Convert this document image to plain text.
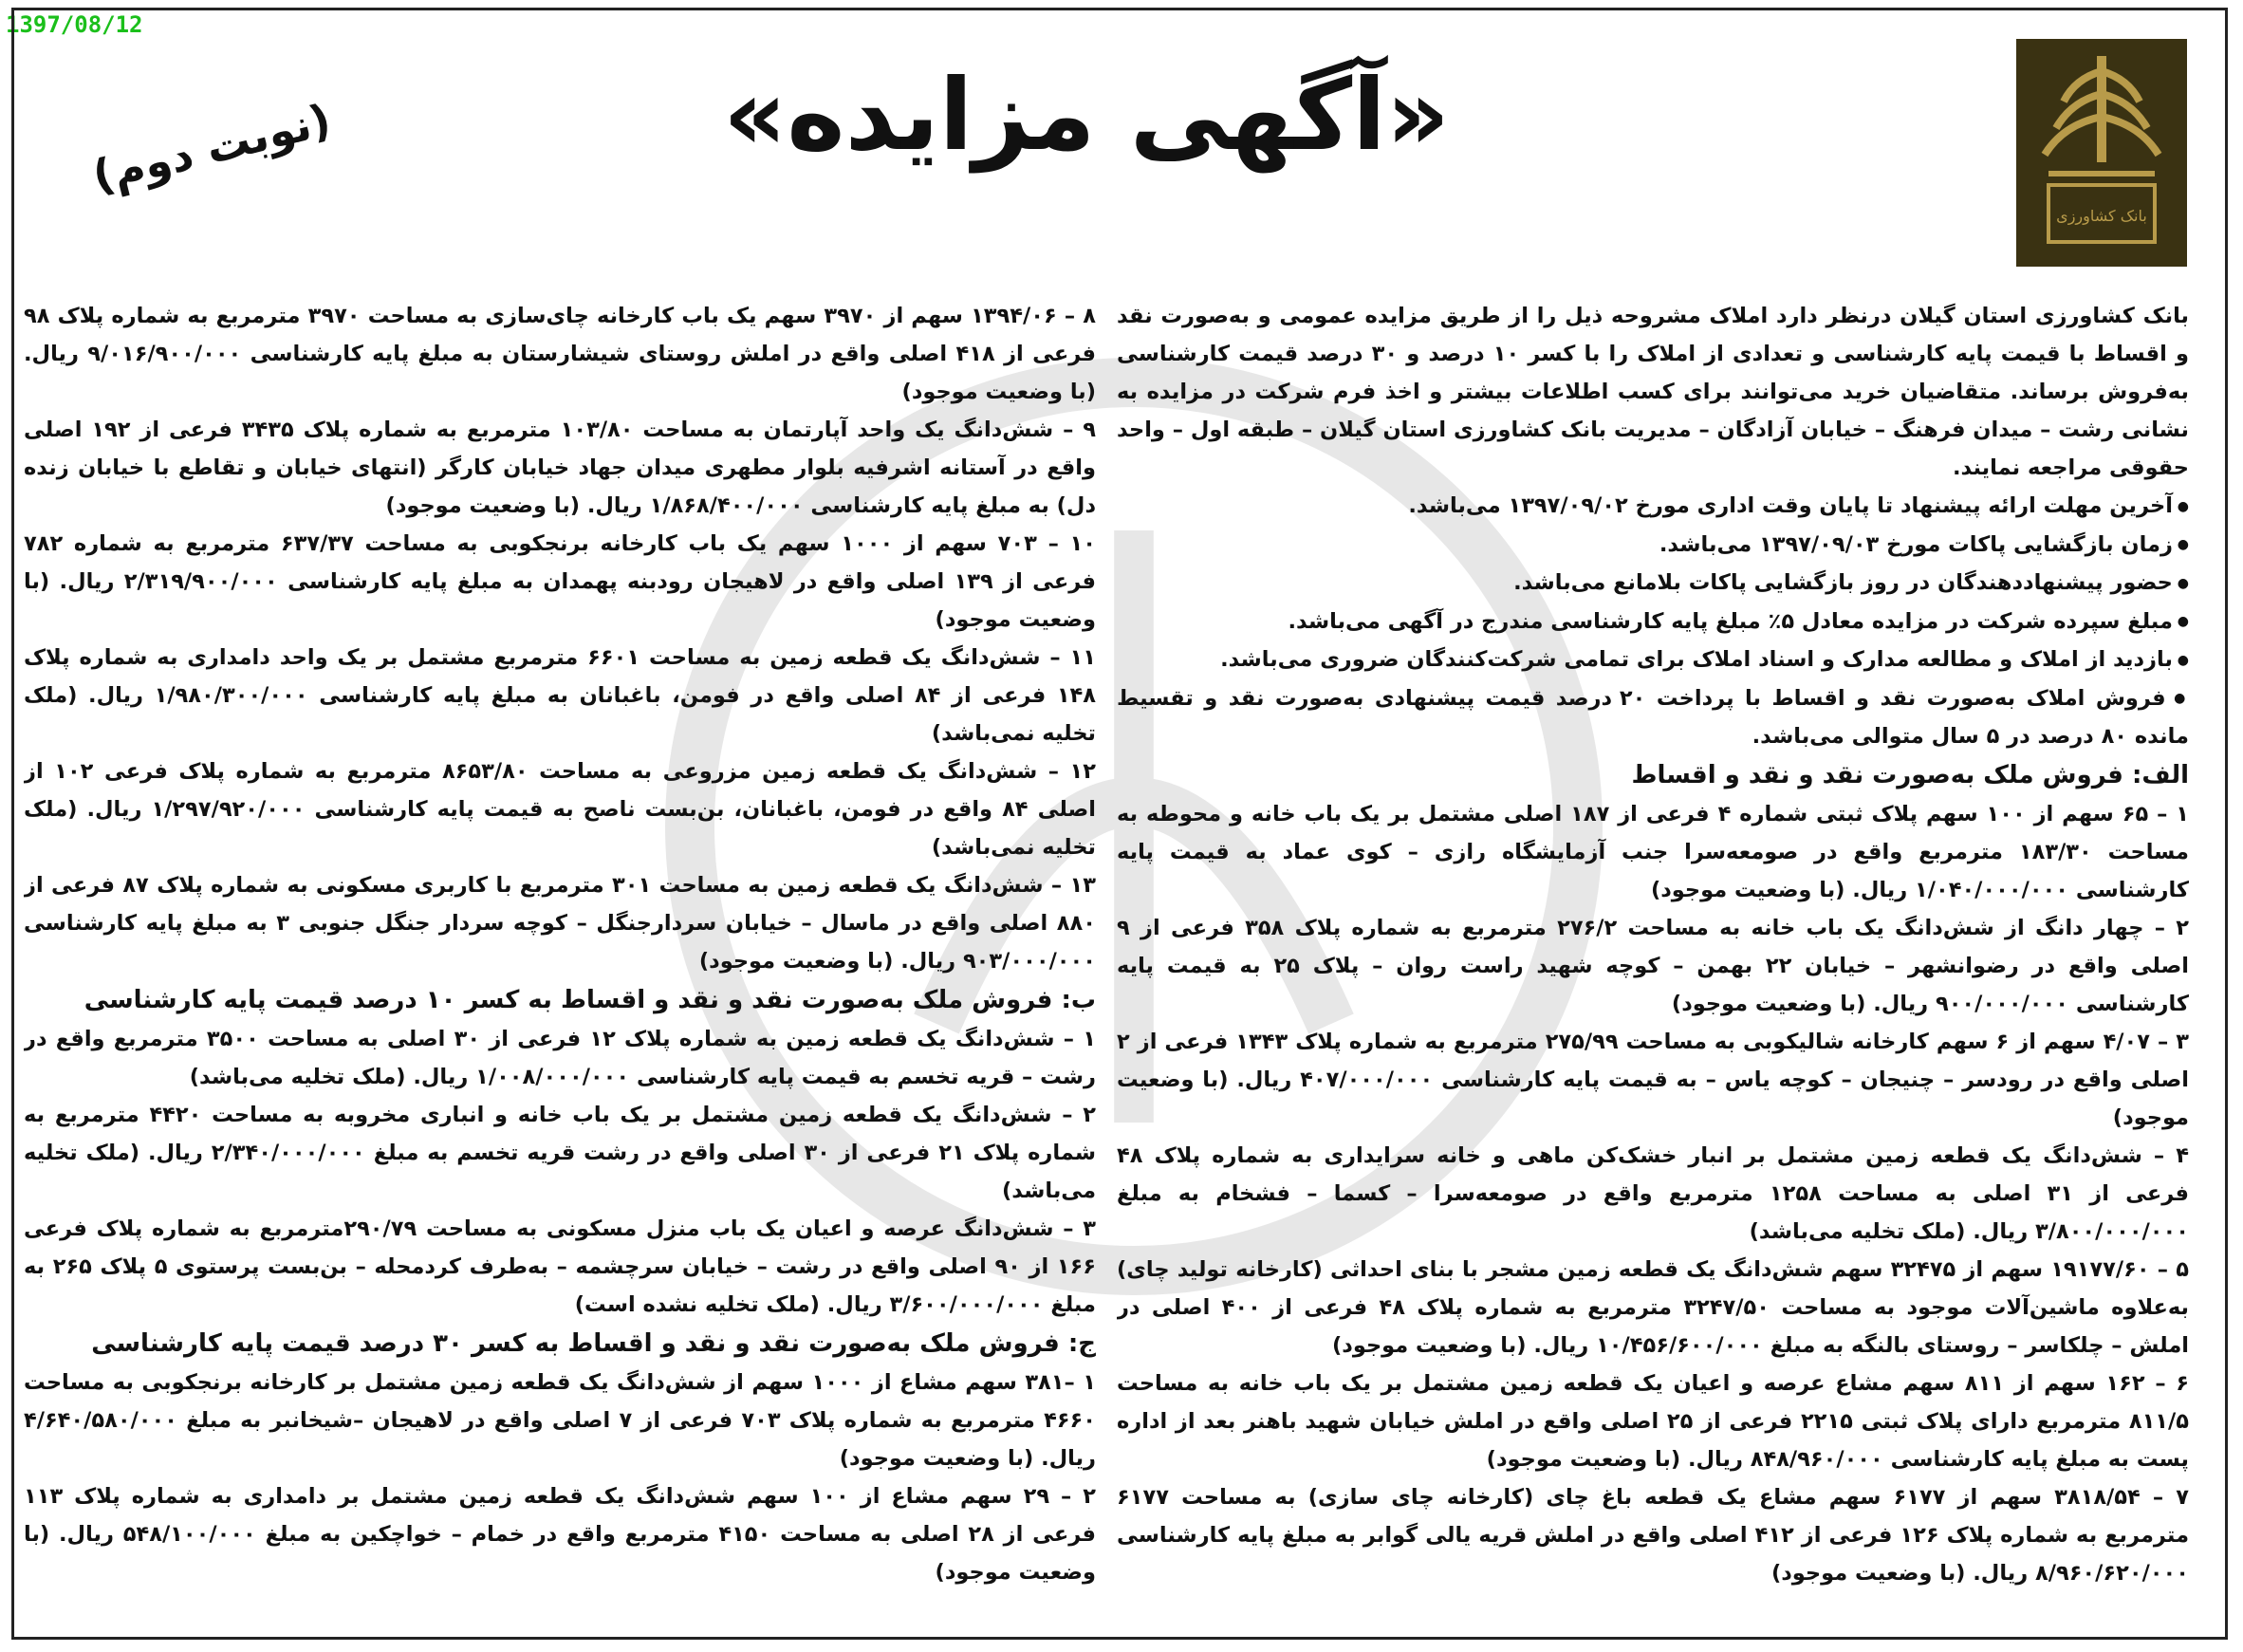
1397/08/12
بانک کشاورزی
«آگهی مزایده»
(نوبت دوم)

بانک کشاورزی استان گیلان درنظر دارد املاک مشروحه ذیل را از طریق مزایده عمومی و به‌صورت نقد و اقساط با قیمت پایه کارشناسی و تعدادی از املاک را با کسر ۱۰ درصد و ۳۰ درصد قیمت کارشناسی به‌فروش برساند. متقاضیان خرید می‌توانند برای کسب اطلاعات بیشتر و اخذ فرم شرکت در مزایده به نشانی رشت – میدان فرهنگ – خیابان آزادگان – مدیریت بانک کشاورزی استان گیلان – طبقه اول – واحد حقوقی مراجعه نمایند.

● آخرین مهلت ارائه پیشنهاد تا پایان وقت اداری مورخ ۱۳۹۷/۰۹/۰۲ می‌باشد.

● زمان بازگشایی پاکات مورخ ۱۳۹۷/۰۹/۰۳ می‌باشد.

● حضور پیشنهاددهندگان در روز بازگشایی پاکات بلامانع می‌باشد.

● مبلغ سپرده شرکت در مزایده معادل ۵٪ مبلغ پایه کارشناسی مندرج در آگهی می‌باشد.

● بازدید از املاک و مطالعه مدارک و اسناد املاک برای تمامی شرکت‌کنندگان ضروری می‌باشد.

● فروش املاک به‌صورت نقد و اقساط با پرداخت ۲۰ درصد قیمت پیشنهادی به‌صورت نقد و تقسیط مانده ۸۰ درصد در ۵ سال متوالی می‌باشد.

الف: فروش ملک به‌صورت نقد و نقد و اقساط

۱ – ۶۵ سهم از ۱۰۰ سهم پلاک ثبتی شماره ۴ فرعی از ۱۸۷ اصلی مشتمل بر یک باب خانه و محوطه به مساحت ۱۸۳/۳۰ مترمربع واقع در صومعه‌سرا جنب آزمایشگاه رازی – کوی عماد به قیمت پایه کارشناسی ۱/۰۴۰/۰۰۰/۰۰۰ ریال. (با وضعیت موجود)

۲ – چهار دانگ از شش‌دانگ یک باب خانه به مساحت ۲۷۶/۲ مترمربع به شماره پلاک ۳۵۸ فرعی از ۹ اصلی واقع در رضوانشهر – خیابان ۲۲ بهمن – کوچه شهید راست روان – پلاک ۲۵ به قیمت پایه کارشناسی ۹۰۰/۰۰۰/۰۰۰ ریال. (با وضعیت موجود)

۳ – ۴/۰۷ سهم از ۶ سهم کارخانه شالیکوبی به مساحت ۲۷۵/۹۹ مترمربع به شماره پلاک ۱۳۴۳ فرعی از ۲ اصلی واقع در رودسر – چنیجان – کوچه یاس – به قیمت پایه کارشناسی ۴۰۷/۰۰۰/۰۰۰ ریال. (با وضعیت موجود)

۴ – شش‌دانگ یک قطعه زمین مشتمل بر انبار خشک‌کن ماهی و خانه سرایداری به شماره پلاک ۴۸ فرعی از ۳۱ اصلی به مساحت ۱۲۵۸ مترمربع واقع در صومعه‌سرا – کسما – فشخام به مبلغ ۳/۸۰۰/۰۰۰/۰۰۰ ریال. (ملک تخلیه می‌باشد)

۵ – ۱۹۱۷۷/۶۰ سهم از ۳۲۴۷۵ سهم شش‌دانگ یک قطعه زمین مشجر با بنای احداثی (کارخانه تولید چای) به‌علاوه ماشین‌آلات موجود به مساحت ۳۲۴۷/۵۰ مترمربع به شماره پلاک ۴۸ فرعی از ۴۰۰ اصلی در املش – چلکاسر – روستای بالنگه به مبلغ ۱۰/۴۵۶/۶۰۰/۰۰۰ ریال. (با وضعیت موجود)

۶ – ۱۶۲ سهم از ۸۱۱ سهم مشاع عرصه و اعیان یک قطعه زمین مشتمل بر یک باب خانه به مساحت ۸۱۱/۵ مترمربع دارای پلاک ثبتی ۲۲۱۵ فرعی از ۲۵ اصلی واقع در املش خیابان شهید باهنر بعد از اداره پست به مبلغ پایه کارشناسی ۸۴۸/۹۶۰/۰۰۰ ریال. (با وضعیت موجود)

۷ – ۳۸۱۸/۵۴ سهم از ۶۱۷۷ سهم مشاع یک قطعه باغ چای (کارخانه چای سازی) به مساحت ۶۱۷۷ مترمربع به شماره پلاک ۱۲۶ فرعی از ۴۱۲ اصلی واقع در املش قریه یالی گوابر به مبلغ پایه کارشناسی ۸/۹۶۰/۶۲۰/۰۰۰ ریال. (با وضعیت موجود)

۸ – ۱۳۹۴/۰۶ سهم از ۳۹۷۰ سهم یک باب کارخانه چای‌سازی به مساحت ۳۹۷۰ مترمربع به شماره پلاک ۹۸ فرعی از ۴۱۸ اصلی واقع در املش روستای شیشارستان به مبلغ پایه کارشناسی ۹/۰۱۶/۹۰۰/۰۰۰ ریال. (با وضعیت موجود)

۹ – شش‌دانگ یک واحد آپارتمان به مساحت ۱۰۳/۸۰ مترمربع به شماره پلاک ۳۴۳۵ فرعی از ۱۹۲ اصلی واقع در آستانه اشرفیه بلوار مطهری میدان جهاد خیابان کارگر (انتهای خیابان و تقاطع با خیابان زنده دل) به مبلغ پایه کارشناسی ۱/۸۶۸/۴۰۰/۰۰۰ ریال. (با وضعیت موجود)

۱۰ – ۷۰۳ سهم از ۱۰۰۰ سهم یک باب کارخانه برنجکوبی به مساحت ۶۳۷/۳۷ مترمربع به شماره ۷۸۲ فرعی از ۱۳۹ اصلی واقع در لاهیجان رودبنه پهمدان به مبلغ پایه کارشناسی ۲/۳۱۹/۹۰۰/۰۰۰ ریال. (با وضعیت موجود)

۱۱ – شش‌دانگ یک قطعه زمین به مساحت ۶۶۰۱ مترمربع مشتمل بر یک واحد دامداری به شماره پلاک ۱۴۸ فرعی از ۸۴ اصلی واقع در فومن، باغبانان به مبلغ پایه کارشناسی ۱/۹۸۰/۳۰۰/۰۰۰ ریال. (ملک تخلیه نمی‌باشد)

۱۲ – شش‌دانگ یک قطعه زمین مزروعی به مساحت ۸۶۵۳/۸۰ مترمربع به شماره پلاک فرعی ۱۰۲ از اصلی ۸۴ واقع در فومن، باغبانان، بن‌بست ناصح به قیمت پایه کارشناسی ۱/۲۹۷/۹۲۰/۰۰۰ ریال. (ملک تخلیه نمی‌باشد)

۱۳ – شش‌دانگ یک قطعه زمین به مساحت ۳۰۱ مترمربع با کاربری مسکونی به شماره پلاک ۸۷ فرعی از ۸۸۰ اصلی واقع در ماسال – خیابان سردارجنگل – کوچه سردار جنگل جنوبی ۳ به مبلغ پایه کارشناسی ۹۰۳/۰۰۰/۰۰۰ ریال. (با وضعیت موجود)

ب: فروش ملک به‌صورت نقد و نقد و اقساط به کسر ۱۰ درصد قیمت پایه کارشناسی

۱ – شش‌دانگ یک قطعه زمین به شماره پلاک ۱۲ فرعی از ۳۰ اصلی به مساحت ۳۵۰۰ مترمربع واقع در رشت – قریه تخسم به قیمت پایه کارشناسی ۱/۰۰۸/۰۰۰/۰۰۰ ریال. (ملک تخلیه می‌باشد)

۲ – شش‌دانگ یک قطعه زمین مشتمل بر یک باب خانه و انباری مخروبه به مساحت ۴۴۲۰ مترمربع به شماره پلاک ۲۱ فرعی از ۳۰ اصلی واقع در رشت قریه تخسم به مبلغ ۲/۳۴۰/۰۰۰/۰۰۰ ریال. (ملک تخلیه می‌باشد)

۳ – شش‌دانگ عرصه و اعیان یک باب منزل مسکونی به مساحت ۲۹۰/۷۹مترمربع به شماره پلاک فرعی ۱۶۶ از ۹۰ اصلی واقع در رشت – خیابان سرچشمه – به‌طرف کردمحله – بن‌بست پرستوی ۵ پلاک ۲۶۵ به مبلغ ۳/۶۰۰/۰۰۰/۰۰۰ ریال. (ملک تخلیه نشده است)

ج: فروش ملک به‌صورت نقد و نقد و اقساط به کسر ۳۰ درصد قیمت پایه کارشناسی

۱ –۳۸۱ سهم مشاع از ۱۰۰۰ سهم از شش‌دانگ یک قطعه زمین مشتمل بر کارخانه برنجکوبی به مساحت ۴۶۶۰ مترمربع به شماره پلاک ۷۰۳ فرعی از ۷ اصلی واقع در لاهیجان –شیخانبر به مبلغ ۴/۶۴۰/۵۸۰/۰۰۰ ریال. (با وضعیت موجود)

۲ – ۲۹ سهم مشاع از ۱۰۰ سهم شش‌دانگ یک قطعه زمین مشتمل بر دامداری به شماره پلاک ۱۱۳ فرعی از ۲۸ اصلی به مساحت ۴۱۵۰ مترمربع واقع در خمام – خواچکین به مبلغ ۵۴۸/۱۰۰/۰۰۰ ریال. (با وضعیت موجود)
